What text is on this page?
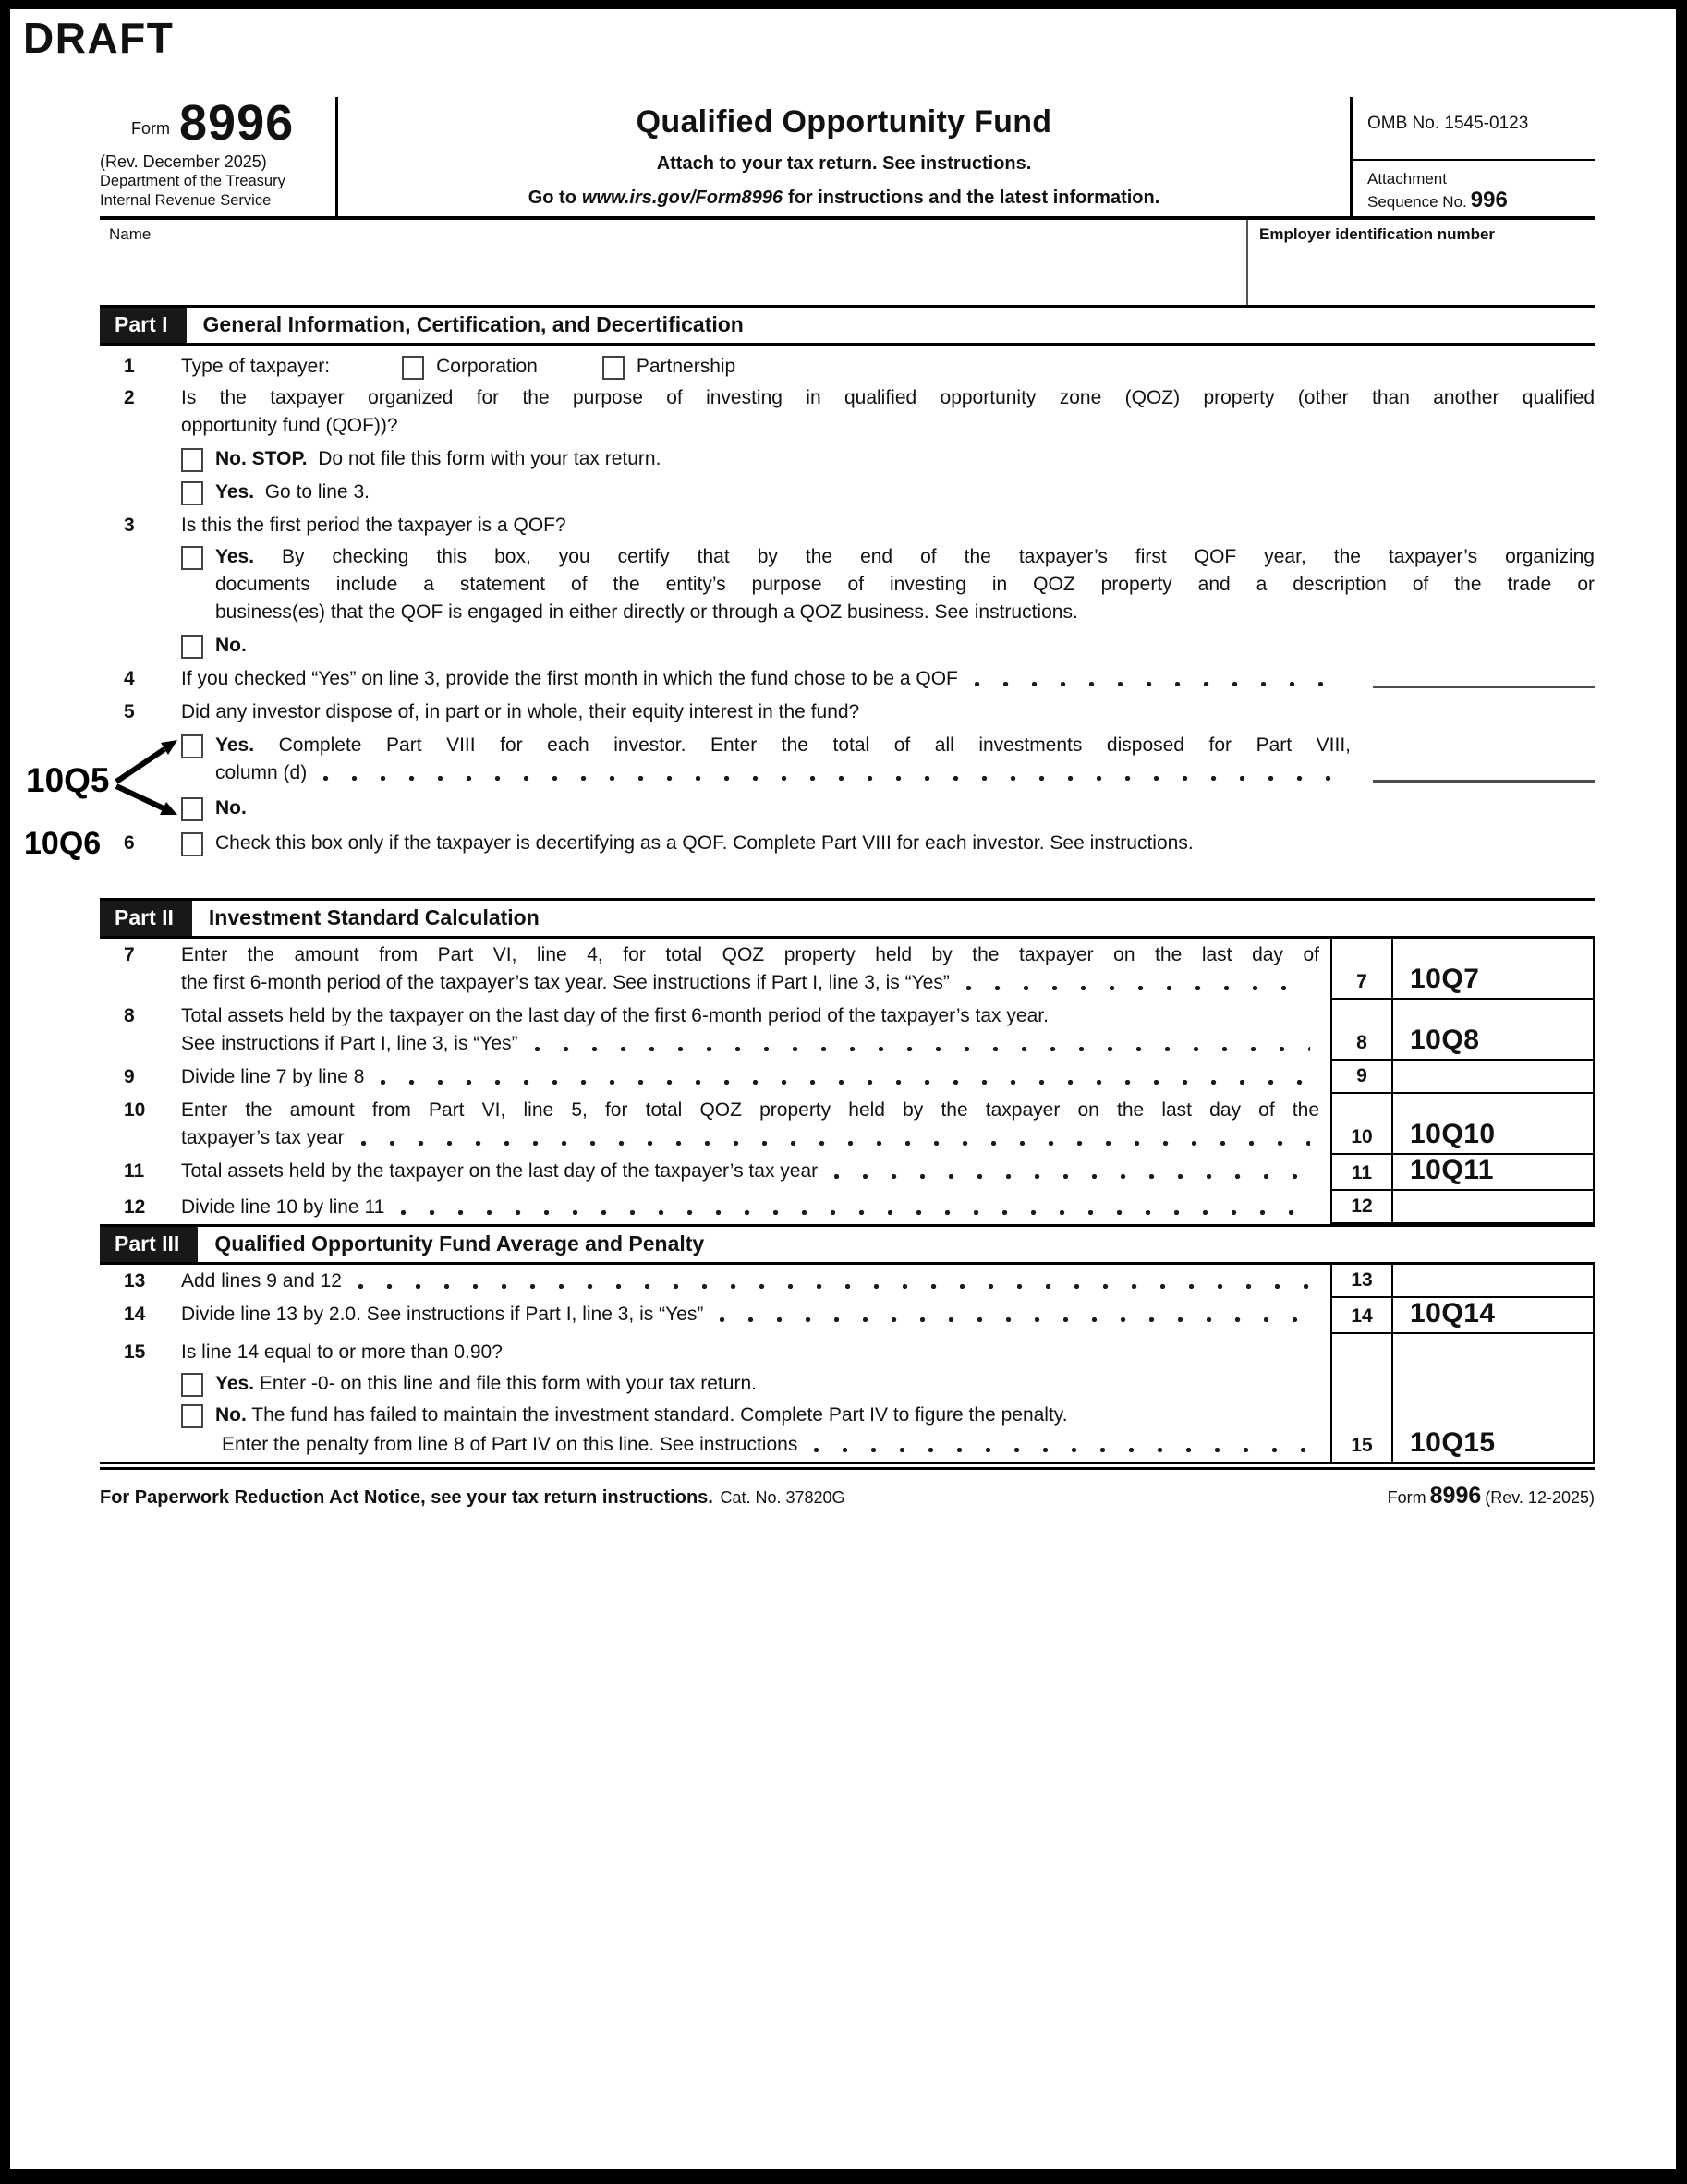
DRAFT
Form 8996
(Rev. December 2025)
Department of the Treasury
Internal Revenue Service
Qualified Opportunity Fund
Attach to your tax return. See instructions.
Go to www.irs.gov/Form8996 for instructions and the latest information.
OMB No. 1545-0123
Attachment
Sequence No. 996
Name	Employer identification number
Part I	General Information, Certification, and Decertification
10Q5
10Q6
1	Type of taxpayer:	Corporation	Partnership
2	Is the taxpayer organized for the purpose of investing in qualified opportunity zone (QOZ) property (other than another qualified
opportunity fund (QOF))?
No. STOP. Do not file this form with your tax return.
Yes. Go to line 3.
3	Is this the first period the taxpayer is a QOF?
Yes. By checking this box, you certify that by the end of the taxpayer’s first QOF year, the taxpayer’s organizing
documents include a statement of the entity’s purpose of investing in QOZ property and a description of the trade or
business(es) that the QOF is engaged in either directly or through a QOZ business. See instructions.
No.
4	If you checked “Yes” on line 3, provide the first month in which the fund chose to be a QOF
5	Did any investor dispose of, in part or in whole, their equity interest in the fund?
Yes. Complete Part VIII for each investor. Enter the total of all investments disposed for Part VIII,
column (d)
No.
6	Check this box only if the taxpayer is decertifying as a QOF. Complete Part VIII for each investor. See instructions.
Part II	Investment Standard Calculation
7	Enter the amount from Part VI, line 4, for total QOZ property held by the taxpayer on the last day of
the first 6-month period of the taxpayer’s tax year. See instructions if Part I, line 3, is “Yes”	7	10Q7
8	Total assets held by the taxpayer on the last day of the first 6-month period of the taxpayer’s tax year.
See instructions if Part I, line 3, is “Yes”	8	10Q8
9	Divide line 7 by line 8	9
10	Enter the amount from Part VI, line 5, for total QOZ property held by the taxpayer on the last day of the
taxpayer’s tax year	10	10Q10
11	Total assets held by the taxpayer on the last day of the taxpayer’s tax year	11	10Q11
12	Divide line 10 by line 11	12
Part III	Qualified Opportunity Fund Average and Penalty
13	Add lines 9 and 12	13
14	Divide line 13 by 2.0. See instructions if Part I, line 3, is “Yes”	14	10Q14
15	Is line 14 equal to or more than 0.90?
Yes. Enter -0- on this line and file this form with your tax return.
No. The fund has failed to maintain the investment standard. Complete Part IV to figure the penalty.
Enter the penalty from line 8 of Part IV on this line. See instructions	15	10Q15
For Paperwork Reduction Act Notice, see your tax return instructions. Cat. No. 37820G	Form 8996 (Rev. 12-2025)
